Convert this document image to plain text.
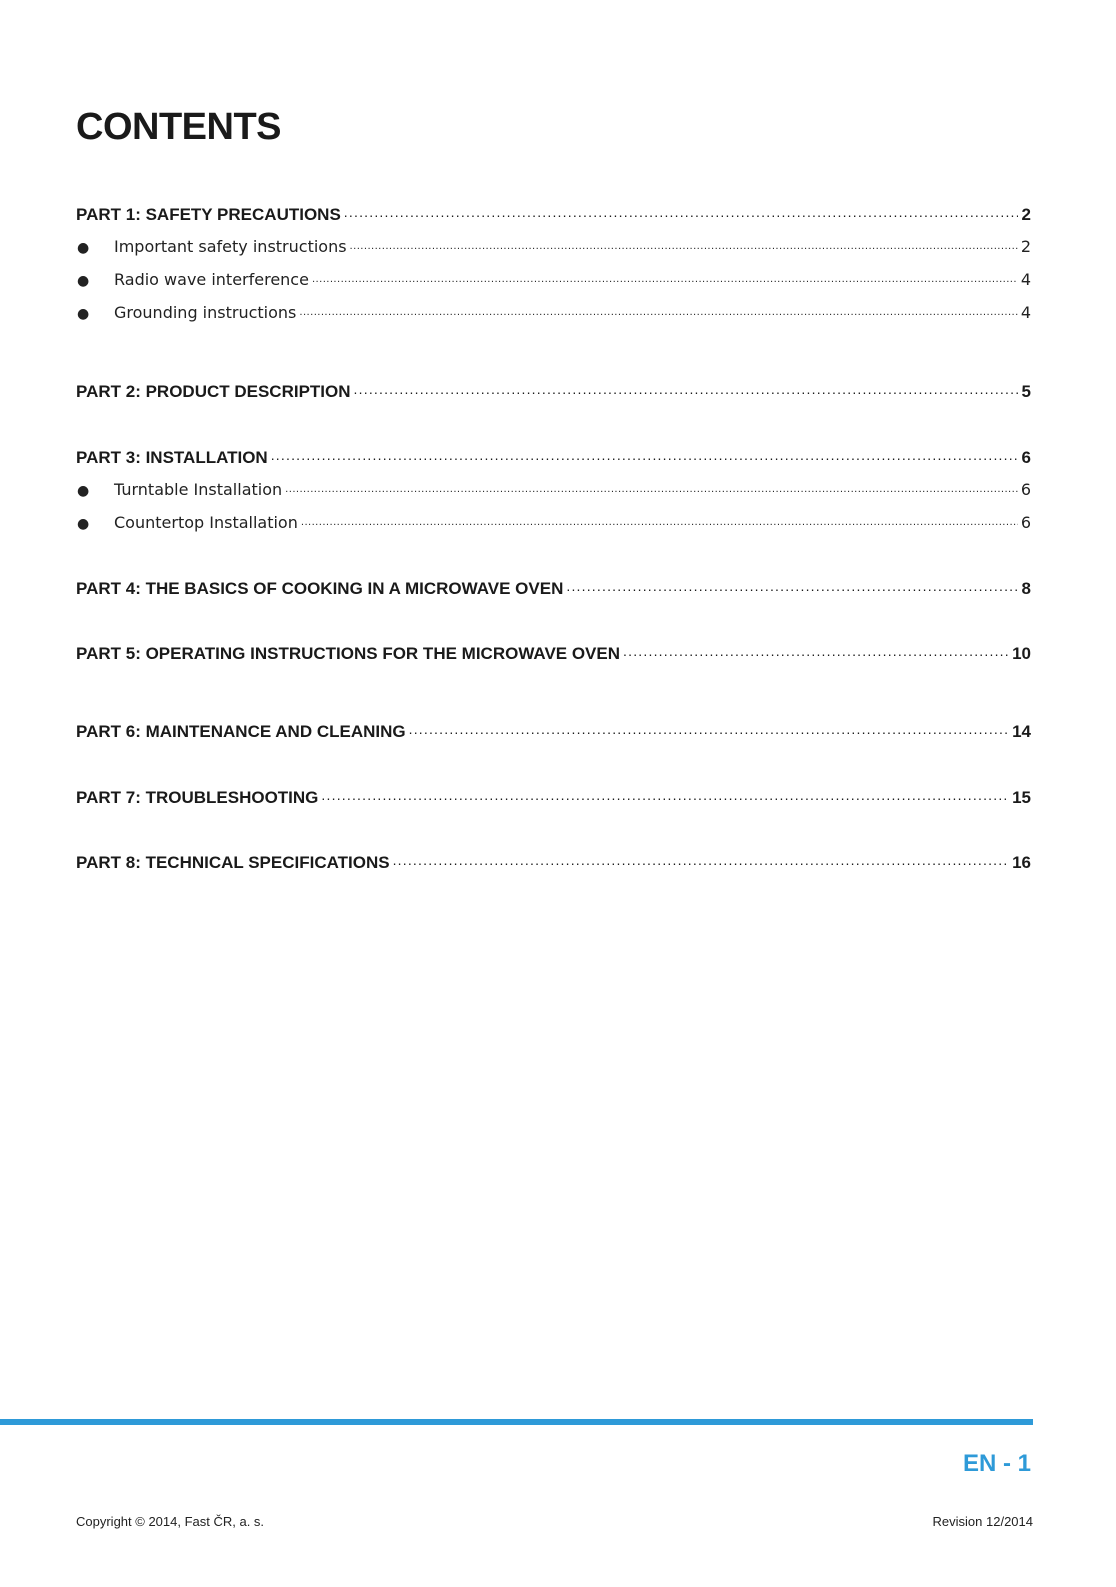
CONTENTS
PART 1: SAFETY PRECAUTIONS .....	2
●	Important safety instructions .....	2
●	Radio wave interference .....	4
●	Grounding instructions .....	4
PART 2: PRODUCT DESCRIPTION .....	5
PART 3: INSTALLATION .....	6
●	Turntable Installation .....	6
●	Countertop Installation .....	6
PART 4: THE BASICS OF COOKING IN A MICROWAVE OVEN .....	8
PART 5: OPERATING INSTRUCTIONS FOR THE MICROWAVE OVEN .....	10
PART 6: MAINTENANCE AND CLEANING .....	14
PART 7: TROUBLESHOOTING .....	15
PART 8: TECHNICAL SPECIFICATIONS .....	16
EN - 1
Copyright © 2014, Fast ČR, a. s.	Revision 12/2014
